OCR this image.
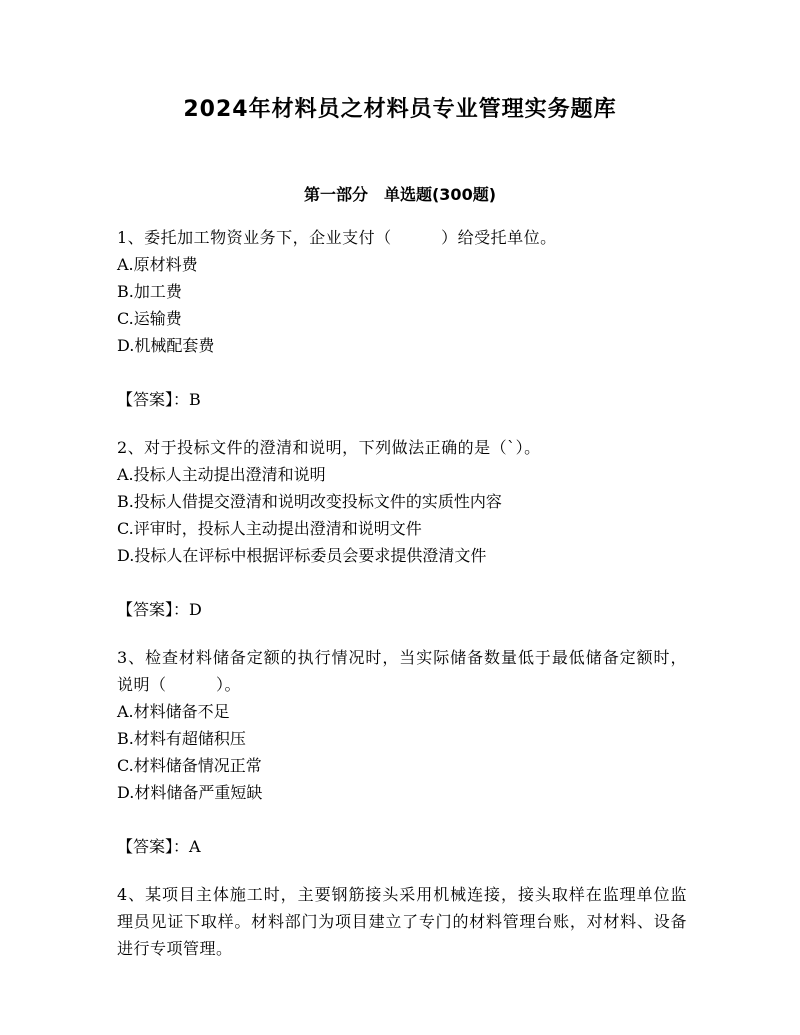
2024年材料员之材料员专业管理实务题库
第一部分　单选题(300题)
1、委托加工物资业务下，企业支付（　　　）给受托单位。
A.原材料费
B.加工费
C.运输费
D.机械配套费
【答案】：B
2、对于投标文件的澄清和说明，下列做法正确的是（`）。
A.投标人主动提出澄清和说明
B.投标人借提交澄清和说明改变投标文件的实质性内容
C.评审时，投标人主动提出澄清和说明文件
D.投标人在评标中根据评标委员会要求提供澄清文件
【答案】：D
3、检查材料储备定额的执行情况时，当实际储备数量低于最低储备定额时，说明（　　　）。
A.材料储备不足
B.材料有超储积压
C.材料储备情况正常
D.材料储备严重短缺
【答案】：A
4、某项目主体施工时，主要钢筋接头采用机械连接，接头取样在监理单位监理员见证下取样。材料部门为项目建立了专门的材料管理台账，对材料、设备进行专项管理。
